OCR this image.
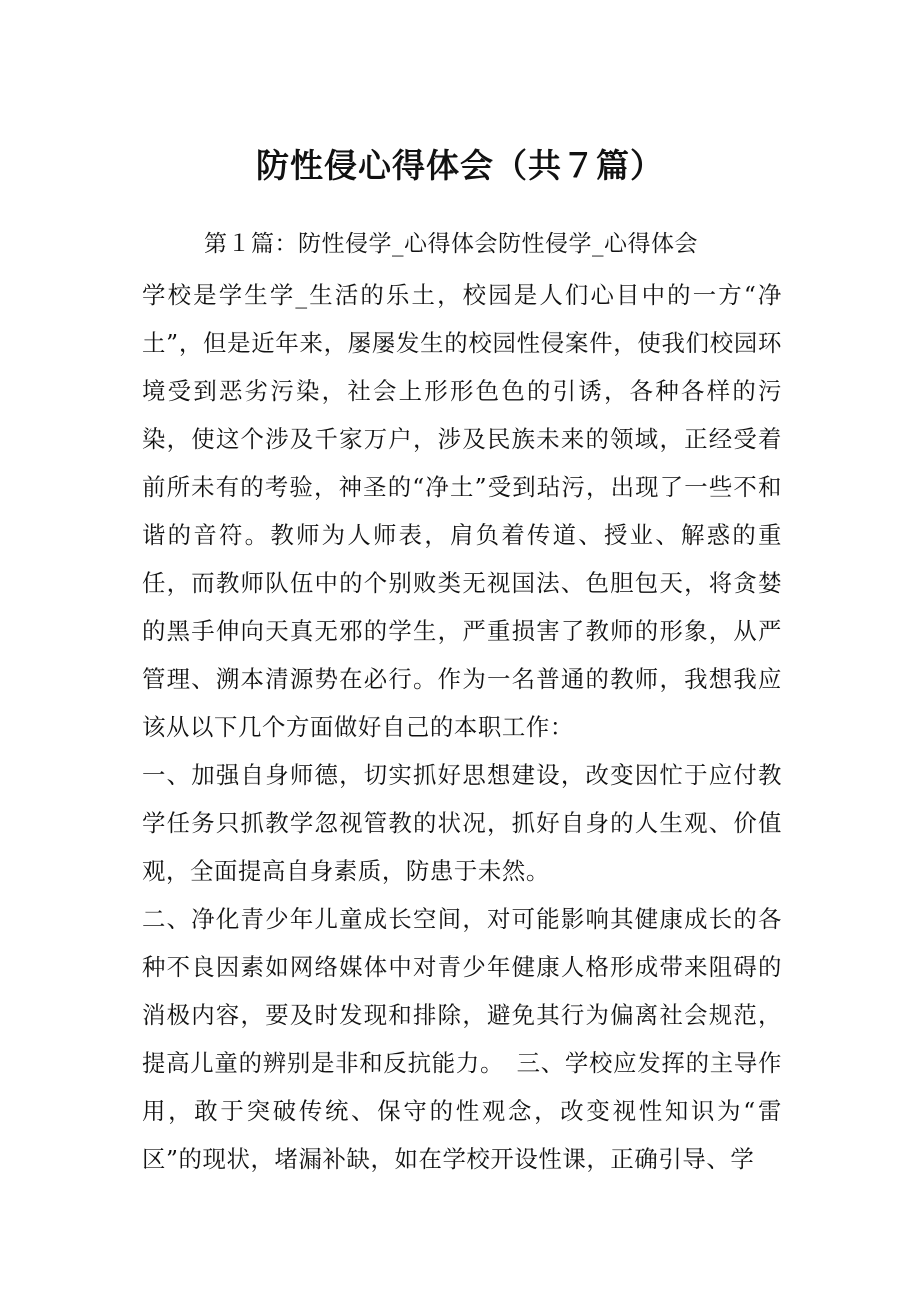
防性侵心得体会（共７篇）

第１篇：防性侵学_心得体会防性侵学_心得体会

学校是学生学_生活的乐土，校园是人们心目中的一方“净土”，但是近年来，屡屡发生的校园性侵案件，使我们校园环境受到恶劣污染，社会上形形色色的引诱，各种各样的污染，使这个涉及千家万户，涉及民族未来的领域，正经受着前所未有的考验，神圣的“净土”受到玷污，出现了一些不和谐的音符。教师为人师表，肩负着传道、授业、解惑的重任，而教师队伍中的个别败类无视国法、色胆包天，将贪婪的黑手伸向天真无邪的学生，严重损害了教师的形象，从严管理、溯本清源势在必行。作为一名普通的教师，我想我应该从以下几个方面做好自己的本职工作：

一、加强自身师德，切实抓好思想建设，改变因忙于应付教学任务只抓教学忽视管教的状况，抓好自身的人生观、价值观，全面提高自身素质，防患于未然。

二、净化青少年儿童成长空间，对可能影响其健康成长的各种不良因素如网络媒体中对青少年健康人格形成带来阻碍的消极内容，要及时发现和排除，避免其行为偏离社会规范，提高儿童的辨别是非和反抗能力。　三、学校应发挥的主导作用，敢于突破传统、保守的性观念，改变视性知识为“雷区”的现状，堵漏补缺，如在学校开设性课，正确引导、学
